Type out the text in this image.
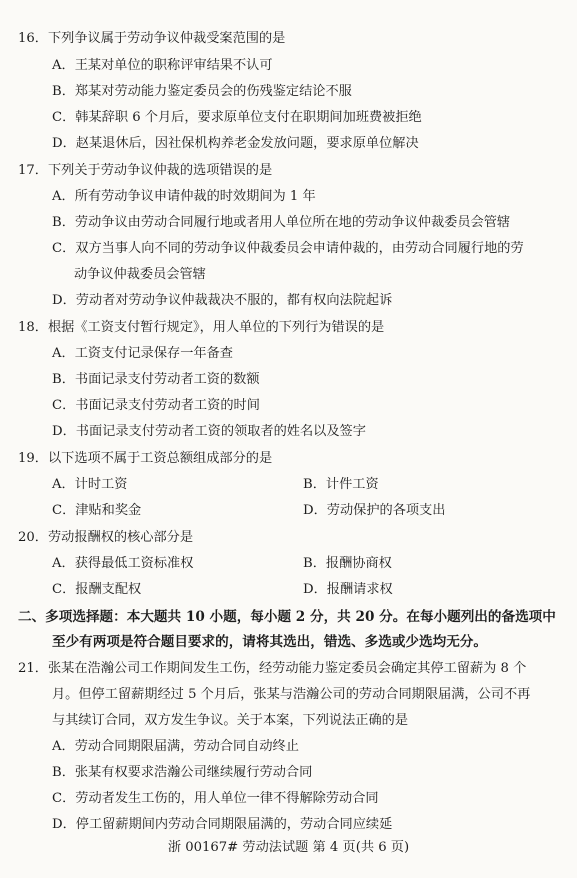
16．下列争议属于劳动争议仲裁受案范围的是
A．王某对单位的职称评审结果不认可
B．郑某对劳动能力鉴定委员会的伤残鉴定结论不服
C．韩某辞职 6 个月后，要求原单位支付在职期间加班费被拒绝
D．赵某退休后，因社保机构养老金发放问题，要求原单位解决
17．下列关于劳动争议仲裁的选项错误的是
A．所有劳动争议申请仲裁的时效期间为 1 年
B．劳动争议由劳动合同履行地或者用人单位所在地的劳动争议仲裁委员会管辖
C．双方当事人向不同的劳动争议仲裁委员会申请仲裁的，由劳动合同履行地的劳
动争议仲裁委员会管辖
D．劳动者对劳动争议仲裁裁决不服的，都有权向法院起诉
18．根据《工资支付暂行规定》，用人单位的下列行为错误的是
A．工资支付记录保存一年备查
B．书面记录支付劳动者工资的数额
C．书面记录支付劳动者工资的时间
D．书面记录支付劳动者工资的领取者的姓名以及签字
19．以下选项不属于工资总额组成部分的是
A．计时工资	B．计件工资
C．津贴和奖金	D．劳动保护的各项支出
20．劳动报酬权的核心部分是
A．获得最低工资标准权	B．报酬协商权
C．报酬支配权	D．报酬请求权
二、多项选择题：本大题共 10 小题，每小题 2 分，共 20 分。在每小题列出的备选项中
至少有两项是符合题目要求的，请将其选出，错选、多选或少选均无分。
21．张某在浩瀚公司工作期间发生工伤，经劳动能力鉴定委员会确定其停工留薪为 8 个
月。但停工留薪期经过 5 个月后，张某与浩瀚公司的劳动合同期限届满，公司不再
与其续订合同，双方发生争议。关于本案，下列说法正确的是
A．劳动合同期限届满，劳动合同自动终止
B．张某有权要求浩瀚公司继续履行劳动合同
C．劳动者发生工伤的，用人单位一律不得解除劳动合同
D．停工留薪期间内劳动合同期限届满的，劳动合同应续延
浙 00167# 劳动法试题 第 4 页(共 6 页)
